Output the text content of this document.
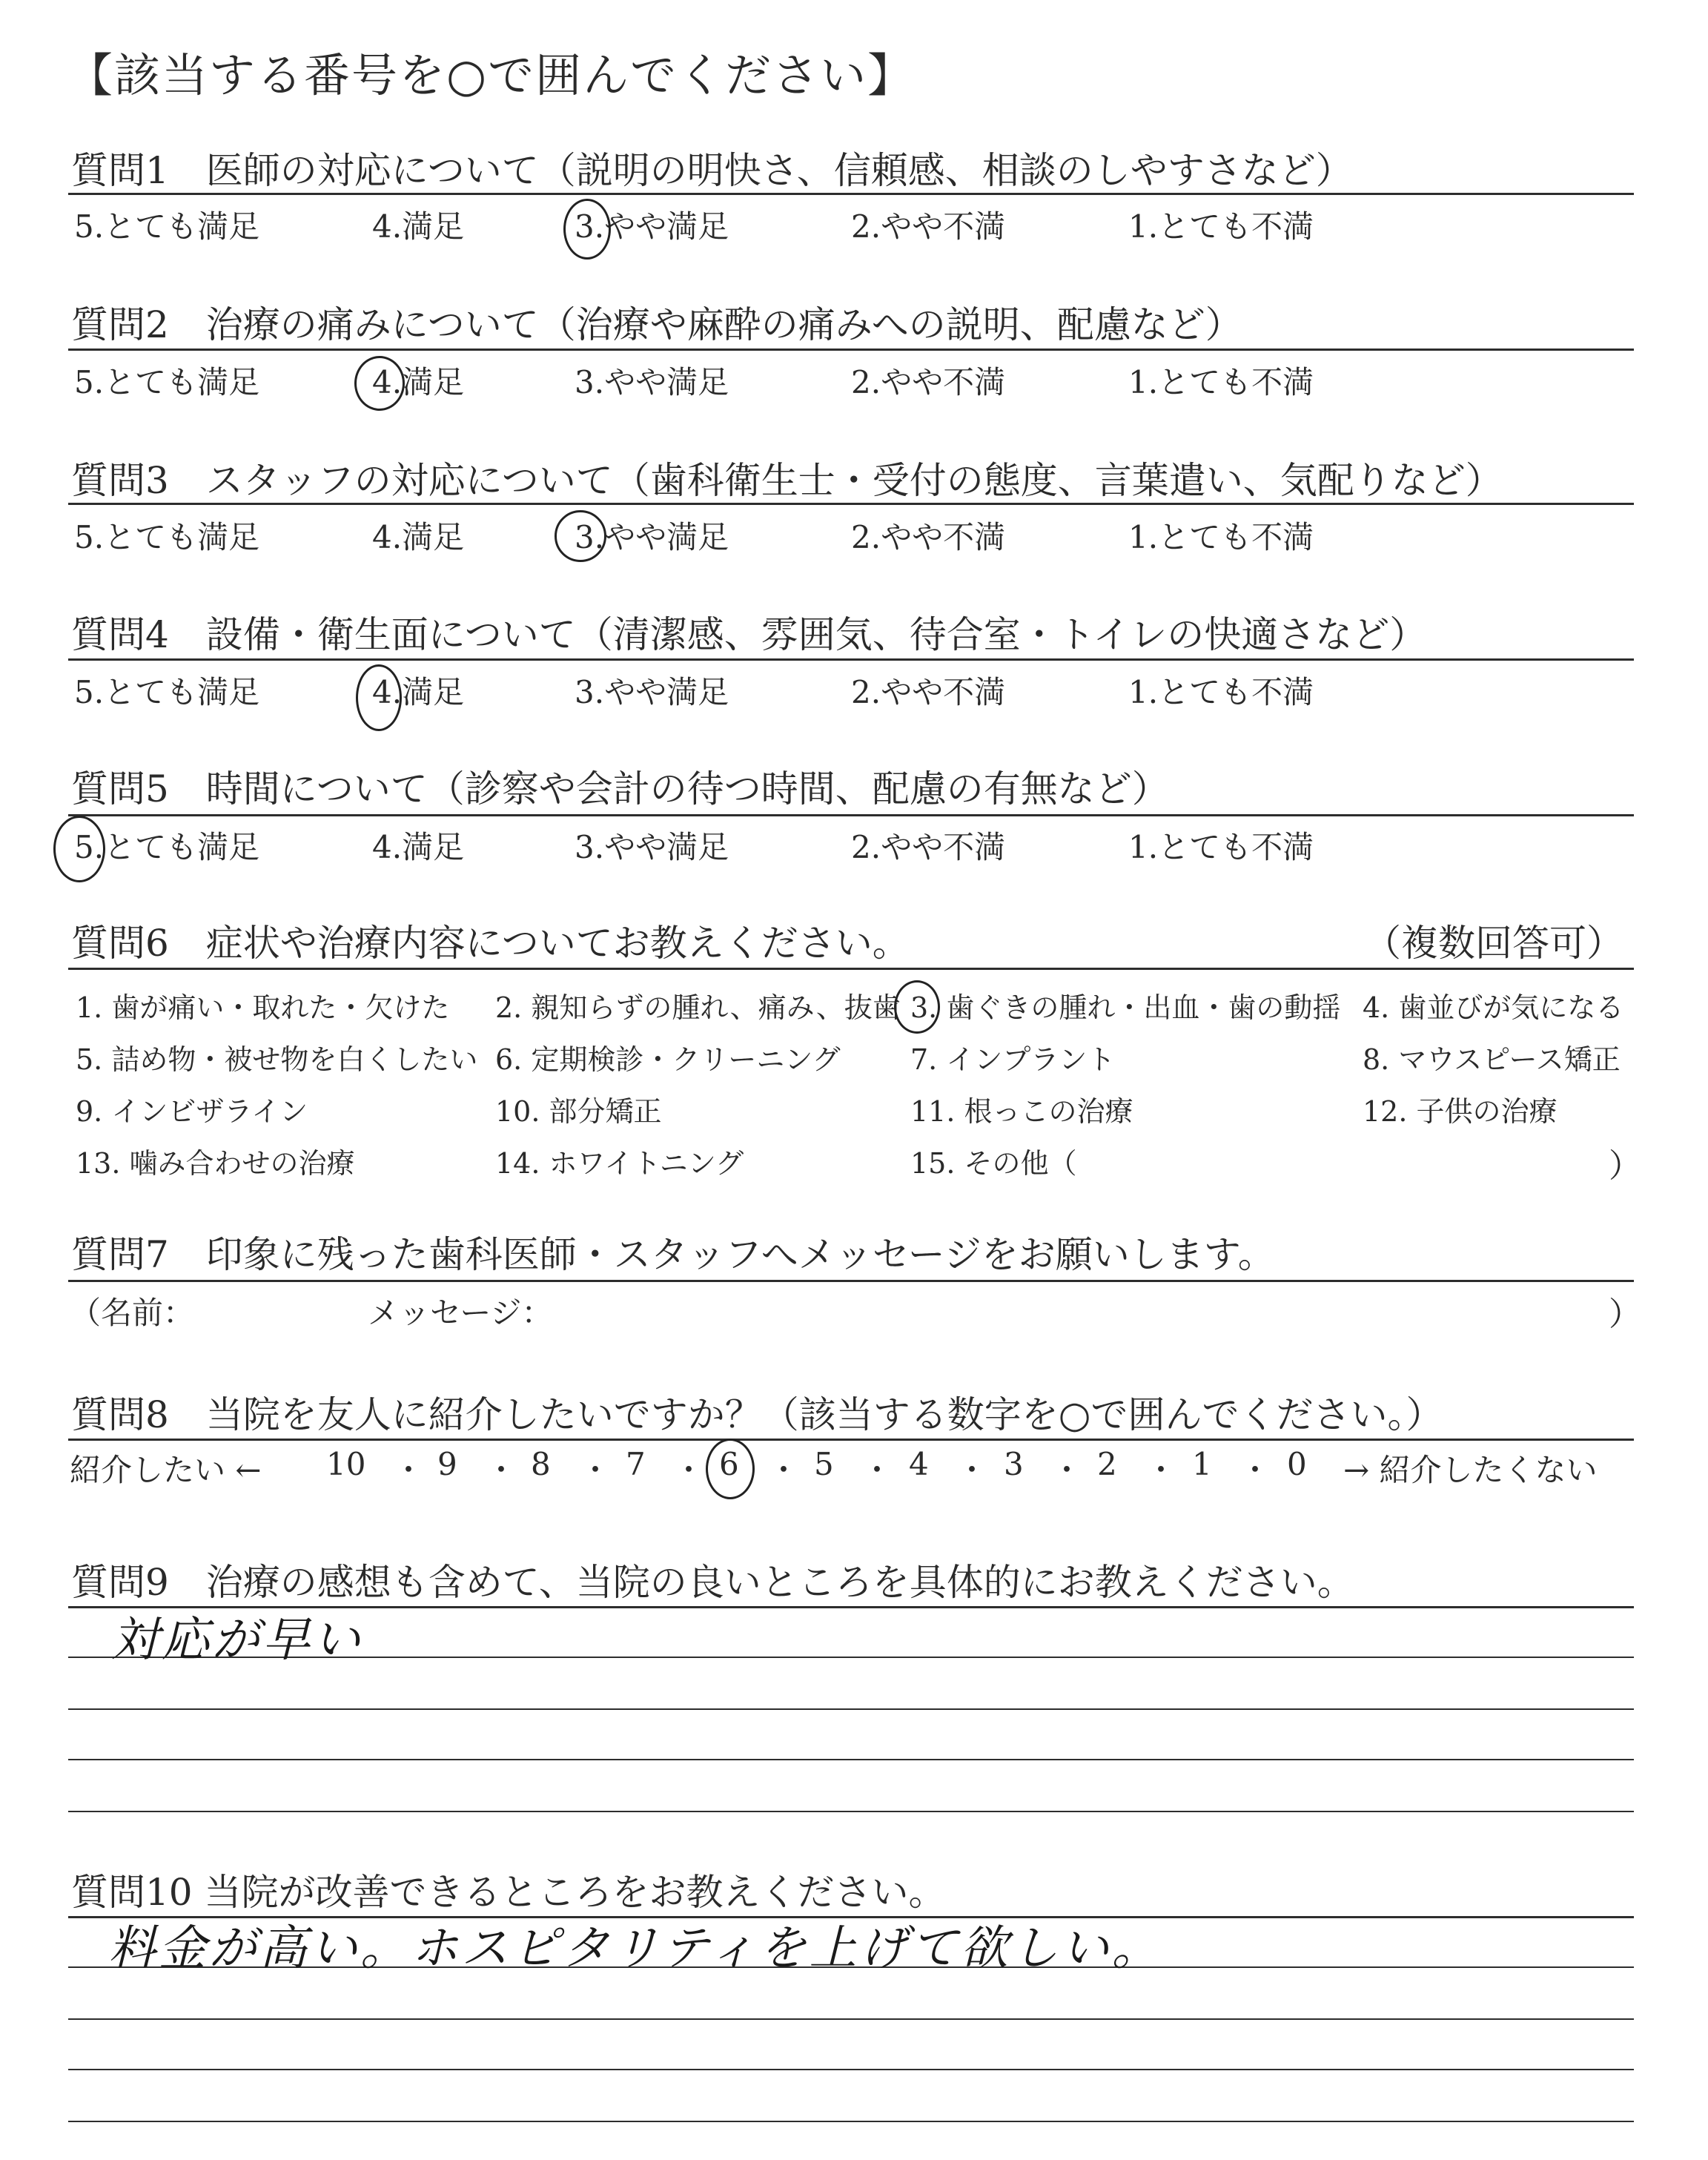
【該当する番号を○で囲んでください】
質問1　医師の対応について（説明の明快さ、信頼感、相談のしやすさなど）
5.とても満足	4.満足	3.やや満足	2.やや不満	1.とても不満
質問2　治療の痛みについて（治療や麻酔の痛みへの説明、配慮など）
5.とても満足	4.満足	3.やや満足	2.やや不満	1.とても不満
質問3　スタッフの対応について（歯科衛生士・受付の態度、言葉遣い、気配りなど）
5.とても満足	4.満足	3.やや満足	2.やや不満	1.とても不満
質問4　設備・衛生面について（清潔感、雰囲気、待合室・トイレの快適さなど）
5.とても満足	4.満足	3.やや満足	2.やや不満	1.とても不満
質問5　時間について（診察や会計の待つ時間、配慮の有無など）
5.とても満足	4.満足	3.やや満足	2.やや不満	1.とても不満
質問6　症状や治療内容についてお教えください。	（複数回答可）
1. 歯が痛い・取れた・欠けた 2. 親知らずの腫れ、痛み、抜歯 3. 歯ぐきの腫れ・出血・歯の動揺 4. 歯並びが気になる
5. 詰め物・被せ物を白くしたい 6. 定期検診・クリーニング 7. インプラント	8. マウスピース矯正
9. インビザライン	10. 部分矯正	11. 根っこの治療	12. 子供の治療
13. 噛み合わせの治療	14. ホワイトニング	15. その他（	）
質問7　印象に残った歯科医師・スタッフへメッセージをお願いします。
（名前：	メッセージ：	）
質問8　当院を友人に紹介したいですか？（該当する数字を○で囲んでください。）
紹介したい ←	→ 紹介したくない
10 ・ 9 ・ 8 ・ 7 ・ 6 ・ 5 ・ 4 ・ 3 ・ 2 ・ 1 ・ 0
質問9　治療の感想も含めて、当院の良いところを具体的にお教えください。
対応が早い
質問10 当院が改善できるところをお教えください。
料金が高い。ホスピタリティを上げて欲しい。
